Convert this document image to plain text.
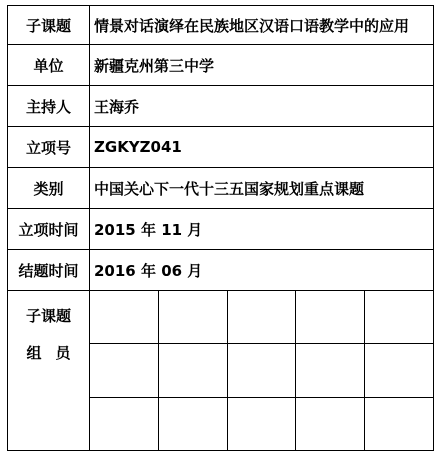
子课题	情景对话演绎在民族地区汉语口语教学中的应用
单位	新疆克州第三中学
主持人	王海乔
立项号	ZGKYZ041
类别	中国关心下一代十三五国家规划重点课题
立项时间	2015 年 11 月
结题时间	2016 年 06 月

子课题
组员
